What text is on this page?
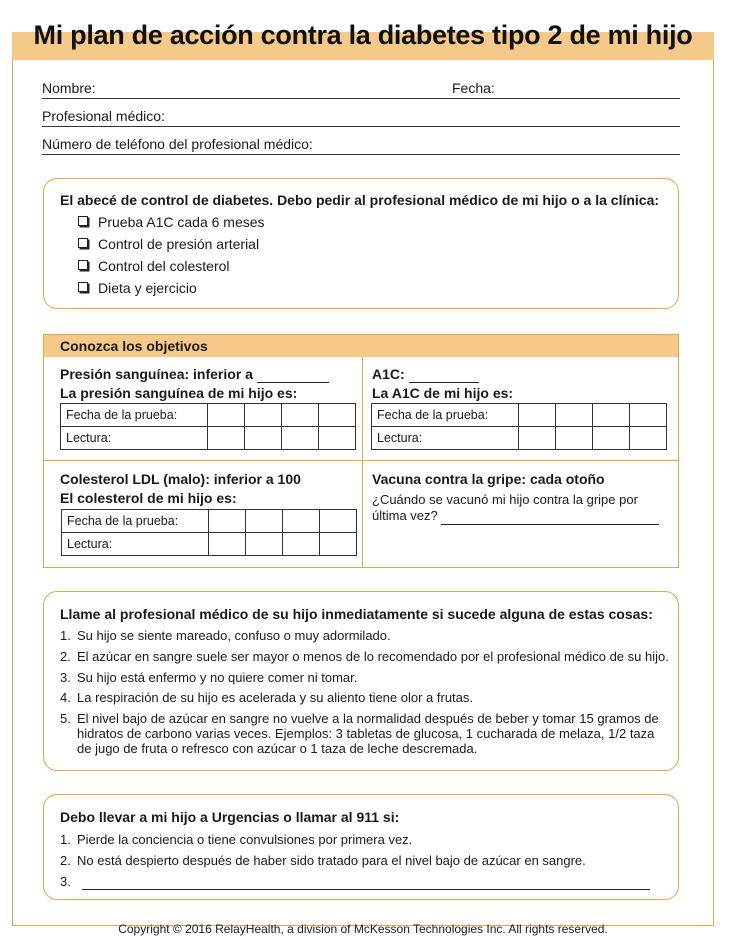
Mi plan de acción contra la diabetes tipo 2 de mi hijo
Nombre:	Fecha:
Profesional médico:
Número de teléfono del profesional médico:
El abecé de control de diabetes. Debo pedir al profesional médico de mi hijo o a la clínica:
Prueba A1C cada 6 meses
Control de presión arterial
Control del colesterol
Dieta y ejercicio
Conozca los objetivos
Presión sanguínea: inferior a
La presión sanguínea de mi hijo es:
Fecha de la prueba:				
Lectura:				
A1C:
La A1C de mi hijo es:
Fecha de la prueba:				
Lectura:				
Colesterol LDL (malo): inferior a 100
El colesterol de mi hijo es:
Fecha de la prueba:				
Lectura:				
Vacuna contra la gripe: cada otoño
¿Cuándo se vacunó mi hijo contra la gripe por
última vez?
Llame al profesional médico de su hijo inmediatamente si sucede alguna de estas cosas:
1. Su hijo se siente mareado, confuso o muy adormilado.
2. El azúcar en sangre suele ser mayor o menos de lo recomendado por el profesional médico de su hijo.
3. Su hijo está enfermo y no quiere comer ni tomar.
4. La respiración de su hijo es acelerada y su aliento tiene olor a frutas.
5. El nivel bajo de azúcar en sangre no vuelve a la normalidad después de beber y tomar 15 gramos de
hidratos de carbono varias veces. Ejemplos: 3 tabletas de glucosa, 1 cucharada de melaza, 1/2 taza
de jugo de fruta o refresco con azúcar o 1 taza de leche descremada.
Debo llevar a mi hijo a Urgencias o llamar al 911 si:
1. Pierde la conciencia o tiene convulsiones por primera vez.
2. No está despierto después de haber sido tratado para el nivel bajo de azúcar en sangre.
3.

Copyright © 2016 RelayHealth, a division of McKesson Technologies Inc. All rights reserved.
